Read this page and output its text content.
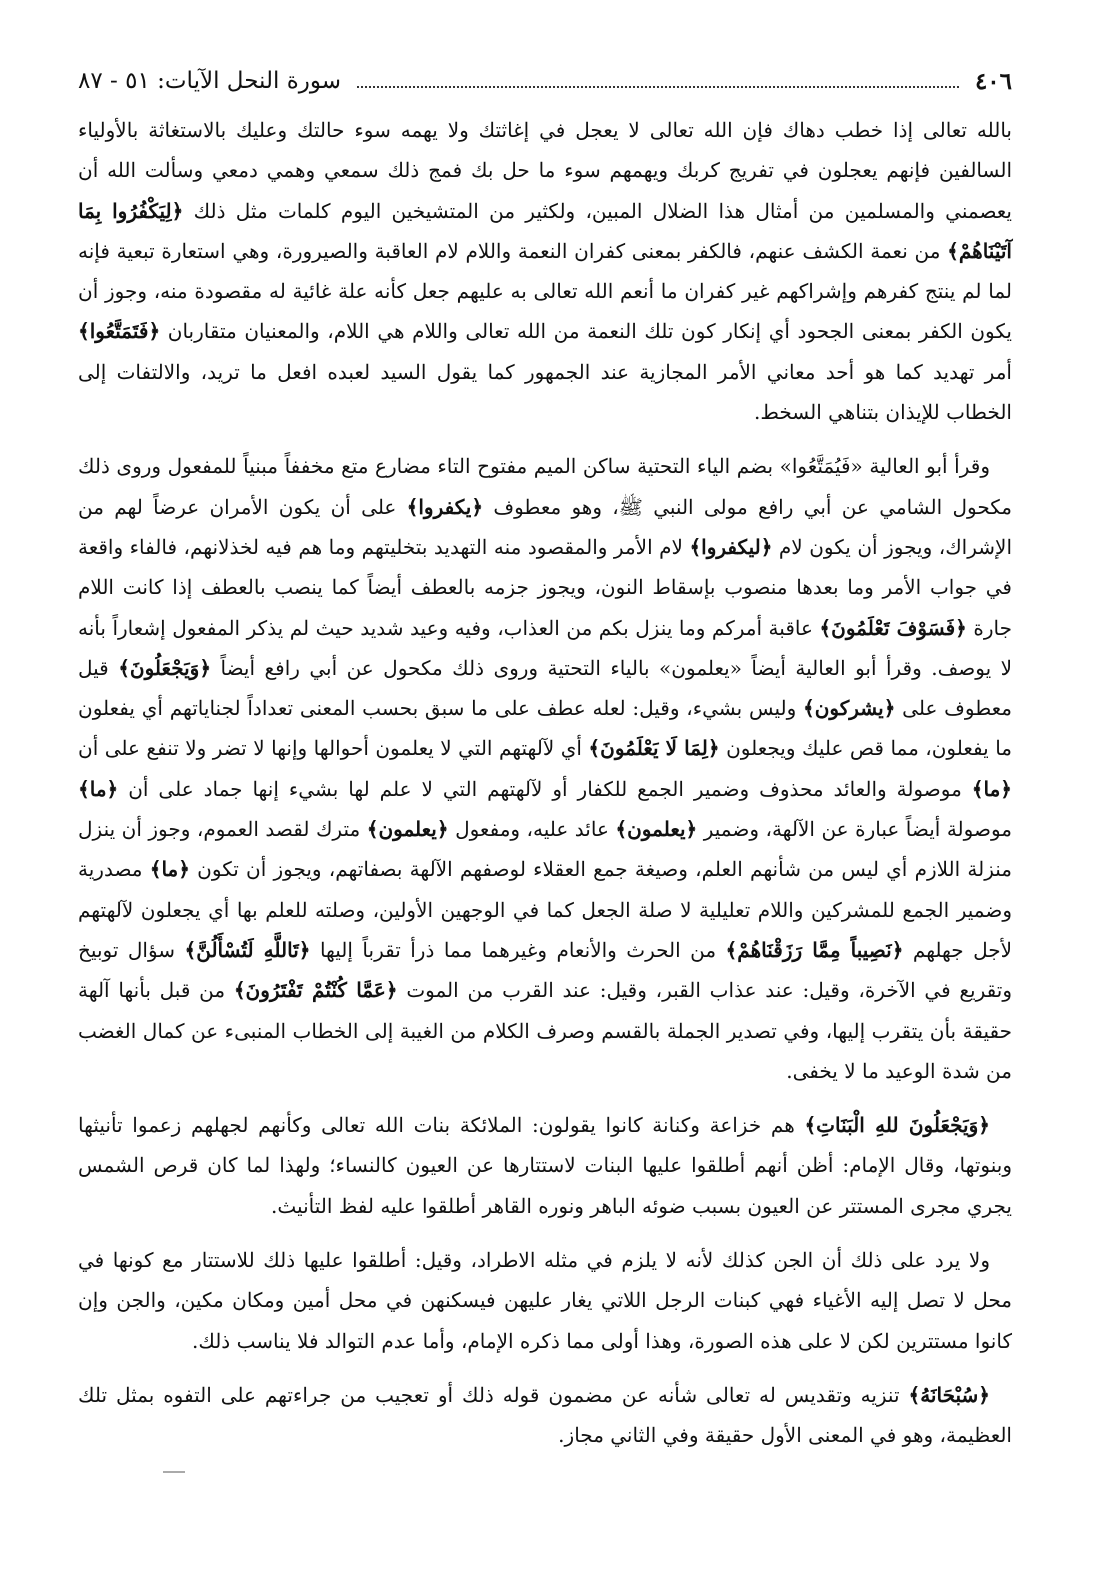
٤٠٦
سورة النحل الآيات: ٥١ - ٨٧

بالله تعالى إذا خطب دهاك فإن الله تعالى لا يعجل في إغاثتك ولا يهمه سوء حالتك وعليك بالاستغاثة بالأولياء السالفين فإنهم يعجلون في تفريج كربك ويهمهم سوء ما حل بك فمج ذلك سمعي وهمي دمعي وسألت الله أن يعصمني والمسلمين من أمثال هذا الضلال المبين، ولكثير من المتشيخين اليوم كلمات مثل ذلك ﴿لِيَكْفُرُوا بِمَا آتَيْنَاهُمْ﴾ من نعمة الكشف عنهم، فالكفر بمعنى كفران النعمة واللام لام العاقبة والصيرورة، وهي استعارة تبعية فإنه لما لم ينتج كفرهم وإشراكهم غير كفران ما أنعم الله تعالى به عليهم جعل كأنه علة غائية له مقصودة منه، وجوز أن يكون الكفر بمعنى الجحود أي إنكار كون تلك النعمة من الله تعالى واللام هي اللام، والمعنيان متقاربان ﴿فَتَمَتَّعُوا﴾ أمر تهديد كما هو أحد معاني الأمر المجازية عند الجمهور كما يقول السيد لعبده افعل ما تريد، والالتفات إلى الخطاب للإيذان بتناهي السخط.

وقرأ أبو العالية «فَيُمَتَّعُوا» بضم الياء التحتية ساكن الميم مفتوح التاء مضارع متع مخففاً مبنياً للمفعول وروى ذلك مكحول الشامي عن أبي رافع مولى النبي ﷺ، وهو معطوف ﴿يكفروا﴾ على أن يكون الأمران عرضاً لهم من الإشراك، ويجوز أن يكون لام ﴿ليكفروا﴾ لام الأمر والمقصود منه التهديد بتخليتهم وما هم فيه لخذلانهم، فالفاء واقعة في جواب الأمر وما بعدها منصوب بإسقاط النون، ويجوز جزمه بالعطف أيضاً كما ينصب بالعطف إذا كانت اللام جارة ﴿فَسَوْفَ تَعْلَمُونَ﴾ عاقبة أمركم وما ينزل بكم من العذاب، وفيه وعيد شديد حيث لم يذكر المفعول إشعاراً بأنه لا يوصف. وقرأ أبو العالية أيضاً «يعلمون» بالياء التحتية وروى ذلك مكحول عن أبي رافع أيضاً ﴿وَيَجْعَلُونَ﴾ قيل معطوف على ﴿يشركون﴾ وليس بشيء، وقيل: لعله عطف على ما سبق بحسب المعنى تعداداً لجناياتهم أي يفعلون ما يفعلون، مما قص عليك ويجعلون ﴿لِمَا لَا يَعْلَمُونَ﴾ أي لآلهتهم التي لا يعلمون أحوالها وإنها لا تضر ولا تنفع على أن ﴿ما﴾ موصولة والعائد محذوف وضمير الجمع للكفار أو لآلهتهم التي لا علم لها بشيء إنها جماد على أن ﴿ما﴾ موصولة أيضاً عبارة عن الآلهة، وضمير ﴿يعلمون﴾ عائد عليه، ومفعول ﴿يعلمون﴾ مترك لقصد العموم، وجوز أن ينزل منزلة اللازم أي ليس من شأنهم العلم، وصيغة جمع العقلاء لوصفهم الآلهة بصفاتهم، ويجوز أن تكون ﴿ما﴾ مصدرية وضمير الجمع للمشركين واللام تعليلية لا صلة الجعل كما في الوجهين الأولين، وصلته للعلم بها أي يجعلون لآلهتهم لأجل جهلهم ﴿نَصِيباً مِمَّا رَزَقْنَاهُمْ﴾ من الحرث والأنعام وغيرهما مما ذرأ تقرباً إليها ﴿تَاللَّهِ لَتُسْأَلُنَّ﴾ سؤال توبيخ وتقريع في الآخرة، وقيل: عند عذاب القبر، وقيل: عند القرب من الموت ﴿عَمَّا كُنْتُمْ تَفْتَرُونَ﴾ من قبل بأنها آلهة حقيقة بأن يتقرب إليها، وفي تصدير الجملة بالقسم وصرف الكلام من الغيبة إلى الخطاب المنبىء عن كمال الغضب من شدة الوعيد ما لا يخفى.

﴿وَيَجْعَلُونَ للهِ الْبَنَاتِ﴾ هم خزاعة وكنانة كانوا يقولون: الملائكة بنات الله تعالى وكأنهم لجهلهم زعموا تأنيثها وبنوتها، وقال الإمام: أظن أنهم أطلقوا عليها البنات لاستتارها عن العيون كالنساء؛ ولهذا لما كان قرص الشمس يجري مجرى المستتر عن العيون بسبب ضوئه الباهر ونوره القاهر أطلقوا عليه لفظ التأنيث.

ولا يرد على ذلك أن الجن كذلك لأنه لا يلزم في مثله الاطراد، وقيل: أطلقوا عليها ذلك للاستتار مع كونها في محل لا تصل إليه الأغياء فهي كبنات الرجل اللاتي يغار عليهن فيسكنهن في محل أمين ومكان مكين، والجن وإن كانوا مستترين لكن لا على هذه الصورة، وهذا أولى مما ذكره الإمام، وأما عدم التوالد فلا يناسب ذلك.

﴿سُبْحَانَهُ﴾ تنزيه وتقديس له تعالى شأنه عن مضمون قوله ذلك أو تعجيب من جراءتهم على التفوه بمثل تلك العظيمة، وهو في المعنى الأول حقيقة وفي الثاني مجاز.
